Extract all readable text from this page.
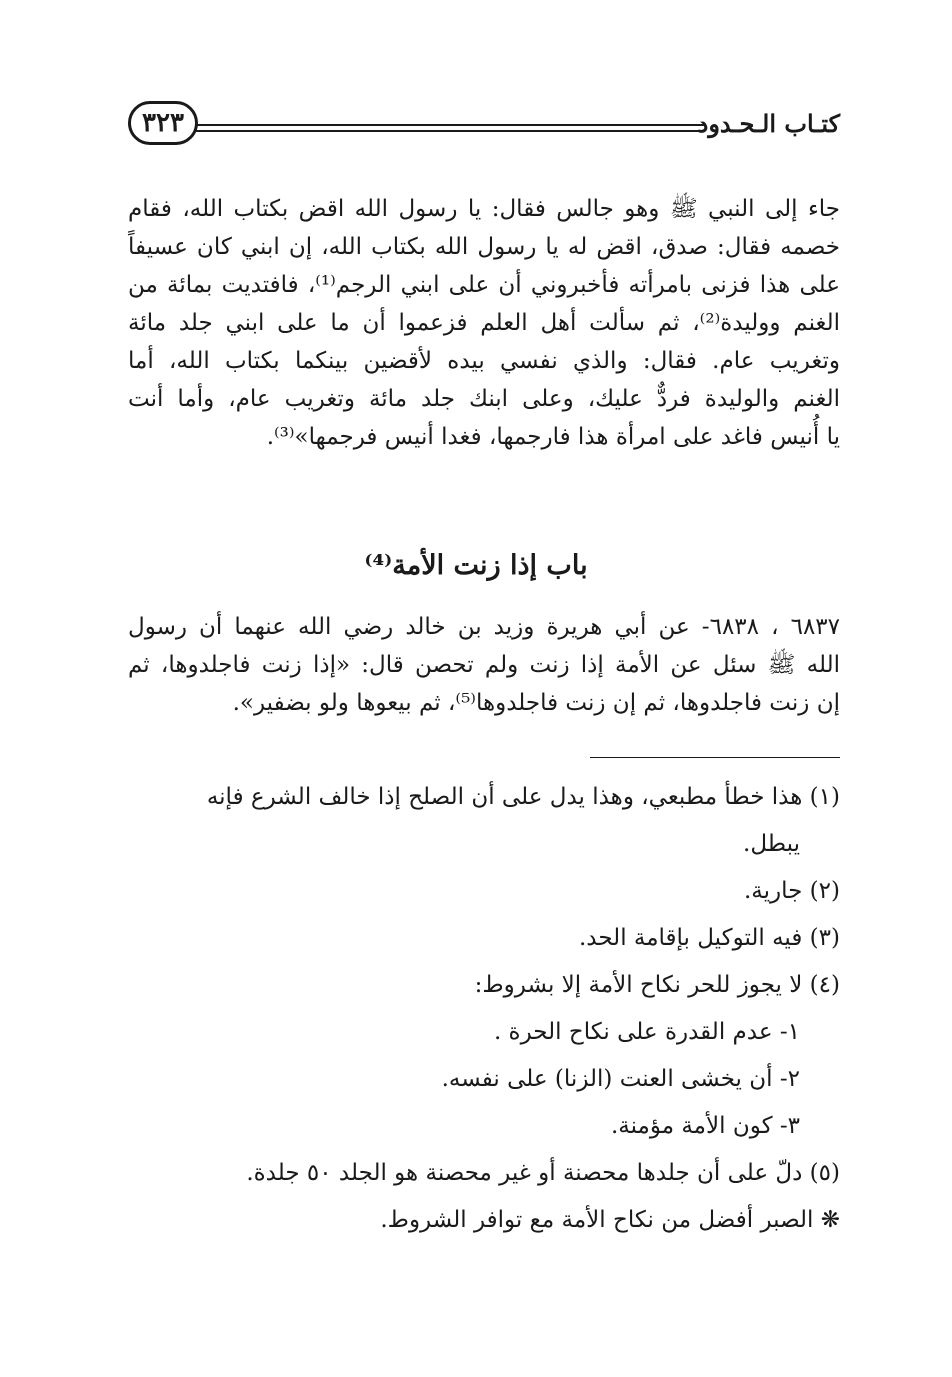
كتـاب الـحـدود
٣٢٣
جاء إلى النبي ﷺ وهو جالس فقال: يا رسول الله اقض بكتاب الله، فقام
خصمه فقال: صدق، اقض له يا رسول الله بكتاب الله، إن ابني كان عسيفاً
على هذا فزنى بامرأته فأخبروني أن على ابني الرجم⁽¹⁾، فافتديت بمائة من
الغنم ووليدة⁽²⁾، ثم سألت أهل العلم فزعموا أن ما على ابني جلد مائة
وتغريب عام. فقال: والذي نفسي بيده لأقضين بينكما بكتاب الله، أما
الغنم والوليدة فردٌّ عليك، وعلى ابنك جلد مائة وتغريب عام، وأما أنت
يا أُنيس فاغد على امرأة هذا فارجمها، فغدا أنيس فرجمها»⁽³⁾.
باب إذا زنت الأمة⁽⁴⁾
٦٨٣٧ ، ٦٨٣٨- عن أبي هريرة وزيد بن خالد رضي الله عنهما أن رسول
الله ﷺ سئل عن الأمة إذا زنت ولم تحصن قال: «إذا زنت فاجلدوها، ثم
إن زنت فاجلدوها، ثم إن زنت فاجلدوها⁽⁵⁾، ثم بيعوها ولو بضفير».
(١) هذا خطأ مطبعي، وهذا يدل على أن الصلح إذا خالف الشرع فإنه
يبطل.
(٢) جارية.
(٣) فيه التوكيل بإقامة الحد.
(٤) لا يجوز للحر نكاح الأمة إلا بشروط:
١- عدم القدرة على نكاح الحرة .
٢- أن يخشى العنت (الزنا) على نفسه.
٣- كون الأمة مؤمنة.
(٥) دلّ على أن جلدها محصنة أو غير محصنة هو الجلد ٥٠ جلدة.
❋ الصبر أفضل من نكاح الأمة مع توافر الشروط.
